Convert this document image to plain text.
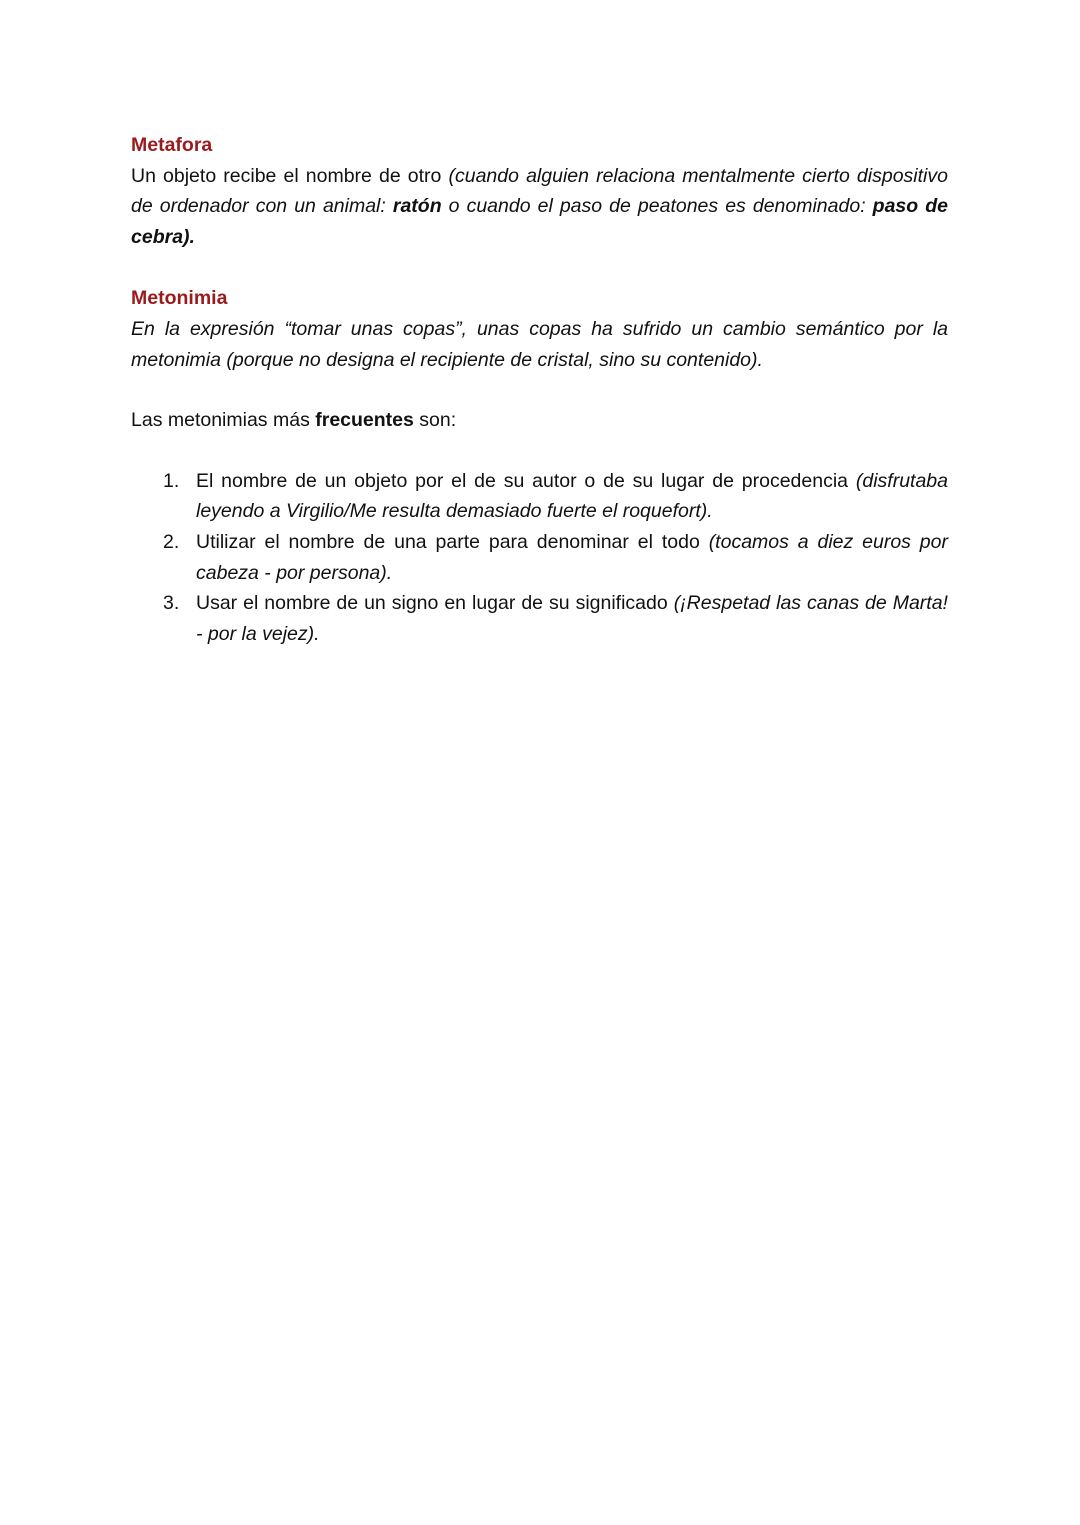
Metafora

Un objeto recibe el nombre de otro (cuando alguien relaciona mentalmente cierto dispositivo de ordenador con un animal: ratón o cuando el paso de peatones es denominado: paso de cebra).

Metonimia

En la expresión “tomar unas copas”, unas copas ha sufrido un cambio semántico por la metonimia (porque no designa el recipiente de cristal, sino su contenido).

Las metonimias más frecuentes son:

1. El nombre de un objeto por el de su autor o de su lugar de procedencia (disfrutaba leyendo a Virgilio/Me resulta demasiado fuerte el roquefort).
2. Utilizar el nombre de una parte para denominar el todo (tocamos a diez euros por cabeza - por persona).
3. Usar el nombre de un signo en lugar de su significado (¡Respetad las canas de Marta! - por la vejez).
